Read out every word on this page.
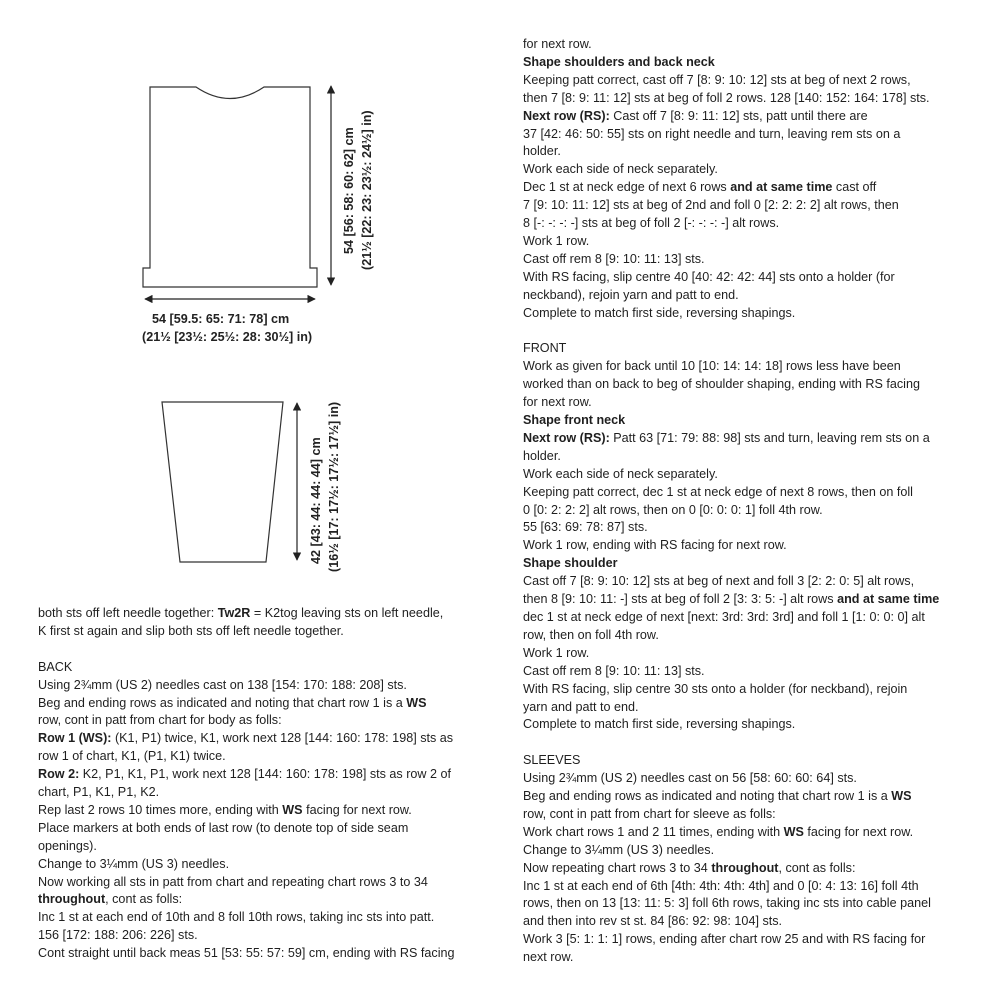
54 [59.5: 65: 71: 78] cm
(21½ [23½: 25½: 28: 30½] in)
54 [56: 58: 60: 62] cm (21½ [22: 23: 23½: 24½] in)
42 [43: 44: 44: 44] cm (16½ [17: 17½: 17½: 17½] in)

both sts off left needle together: Tw2R = K2tog leaving sts on left needle,

K first st again and slip both sts off left needle together.

BACK

Using 2¾mm (US 2) needles cast on 138 [154: 170: 188: 208] sts.

Beg and ending rows as indicated and noting that chart row 1 is a WS

row, cont in patt from chart for body as folls:

Row 1 (WS): (K1, P1) twice, K1, work next 128 [144: 160: 178: 198] sts as

row 1 of chart, K1, (P1, K1) twice.

Row 2: K2, P1, K1, P1, work next 128 [144: 160: 178: 198] sts as row 2 of

chart, P1, K1, P1, K2.

Rep last 2 rows 10 times more, ending with WS facing for next row.

Place markers at both ends of last row (to denote top of side seam

openings).

Change to 3¼mm (US 3) needles.

Now working all sts in patt from chart and repeating chart rows 3 to 34

throughout, cont as folls:

Inc 1 st at each end of 10th and 8 foll 10th rows, taking inc sts into patt.

156 [172: 188: 206: 226] sts.

Cont straight until back meas 51 [53: 55: 57: 59] cm, ending with RS facing

for next row.

Shape shoulders and back neck

Keeping patt correct, cast off 7 [8: 9: 10: 12] sts at beg of next 2 rows,

then 7 [8: 9: 11: 12] sts at beg of foll 2 rows. 128 [140: 152: 164: 178] sts.

Next row (RS): Cast off 7 [8: 9: 11: 12] sts, patt until there are

37 [42: 46: 50: 55] sts on right needle and turn, leaving rem sts on a

holder.

Work each side of neck separately.

Dec 1 st at neck edge of next 6 rows and at same time cast off

7 [9: 10: 11: 12] sts at beg of 2nd and foll 0 [2: 2: 2: 2] alt rows, then

8 [-: -: -: -] sts at beg of foll 2 [-: -: -: -] alt rows.

Work 1 row.

Cast off rem 8 [9: 10: 11: 13] sts.

With RS facing, slip centre 40 [40: 42: 42: 44] sts onto a holder (for

neckband), rejoin yarn and patt to end.

Complete to match first side, reversing shapings.

FRONT

Work as given for back until 10 [10: 14: 14: 18] rows less have been

worked than on back to beg of shoulder shaping, ending with RS facing

for next row.

Shape front neck

Next row (RS): Patt 63 [71: 79: 88: 98] sts and turn, leaving rem sts on a

holder.

Work each side of neck separately.

Keeping patt correct, dec 1 st at neck edge of next 8 rows, then on foll

0 [0: 2: 2: 2] alt rows, then on 0 [0: 0: 0: 1] foll 4th row.

55 [63: 69: 78: 87] sts.

Work 1 row, ending with RS facing for next row.

Shape shoulder

Cast off 7 [8: 9: 10: 12] sts at beg of next and foll 3 [2: 2: 0: 5] alt rows,

then 8 [9: 10: 11: -] sts at beg of foll 2 [3: 3: 5: -] alt rows and at same time

dec 1 st at neck edge of next [next: 3rd: 3rd: 3rd] and foll 1 [1: 0: 0: 0] alt

row, then on foll 4th row.

Work 1 row.

Cast off rem 8 [9: 10: 11: 13] sts.

With RS facing, slip centre 30 sts onto a holder (for neckband), rejoin

yarn and patt to end.

Complete to match first side, reversing shapings.

SLEEVES

Using 2¾mm (US 2) needles cast on 56 [58: 60: 60: 64] sts.

Beg and ending rows as indicated and noting that chart row 1 is a WS

row, cont in patt from chart for sleeve as folls:

Work chart rows 1 and 2 11 times, ending with WS facing for next row.

Change to 3¼mm (US 3) needles.

Now repeating chart rows 3 to 34 throughout, cont as folls:

Inc 1 st at each end of 6th [4th: 4th: 4th: 4th] and 0 [0: 4: 13: 16] foll 4th

rows, then on 13 [13: 11: 5: 3] foll 6th rows, taking inc sts into cable panel

and then into rev st st. 84 [86: 92: 98: 104] sts.

Work 3 [5: 1: 1: 1] rows, ending after chart row 25 and with RS facing for

next row.
